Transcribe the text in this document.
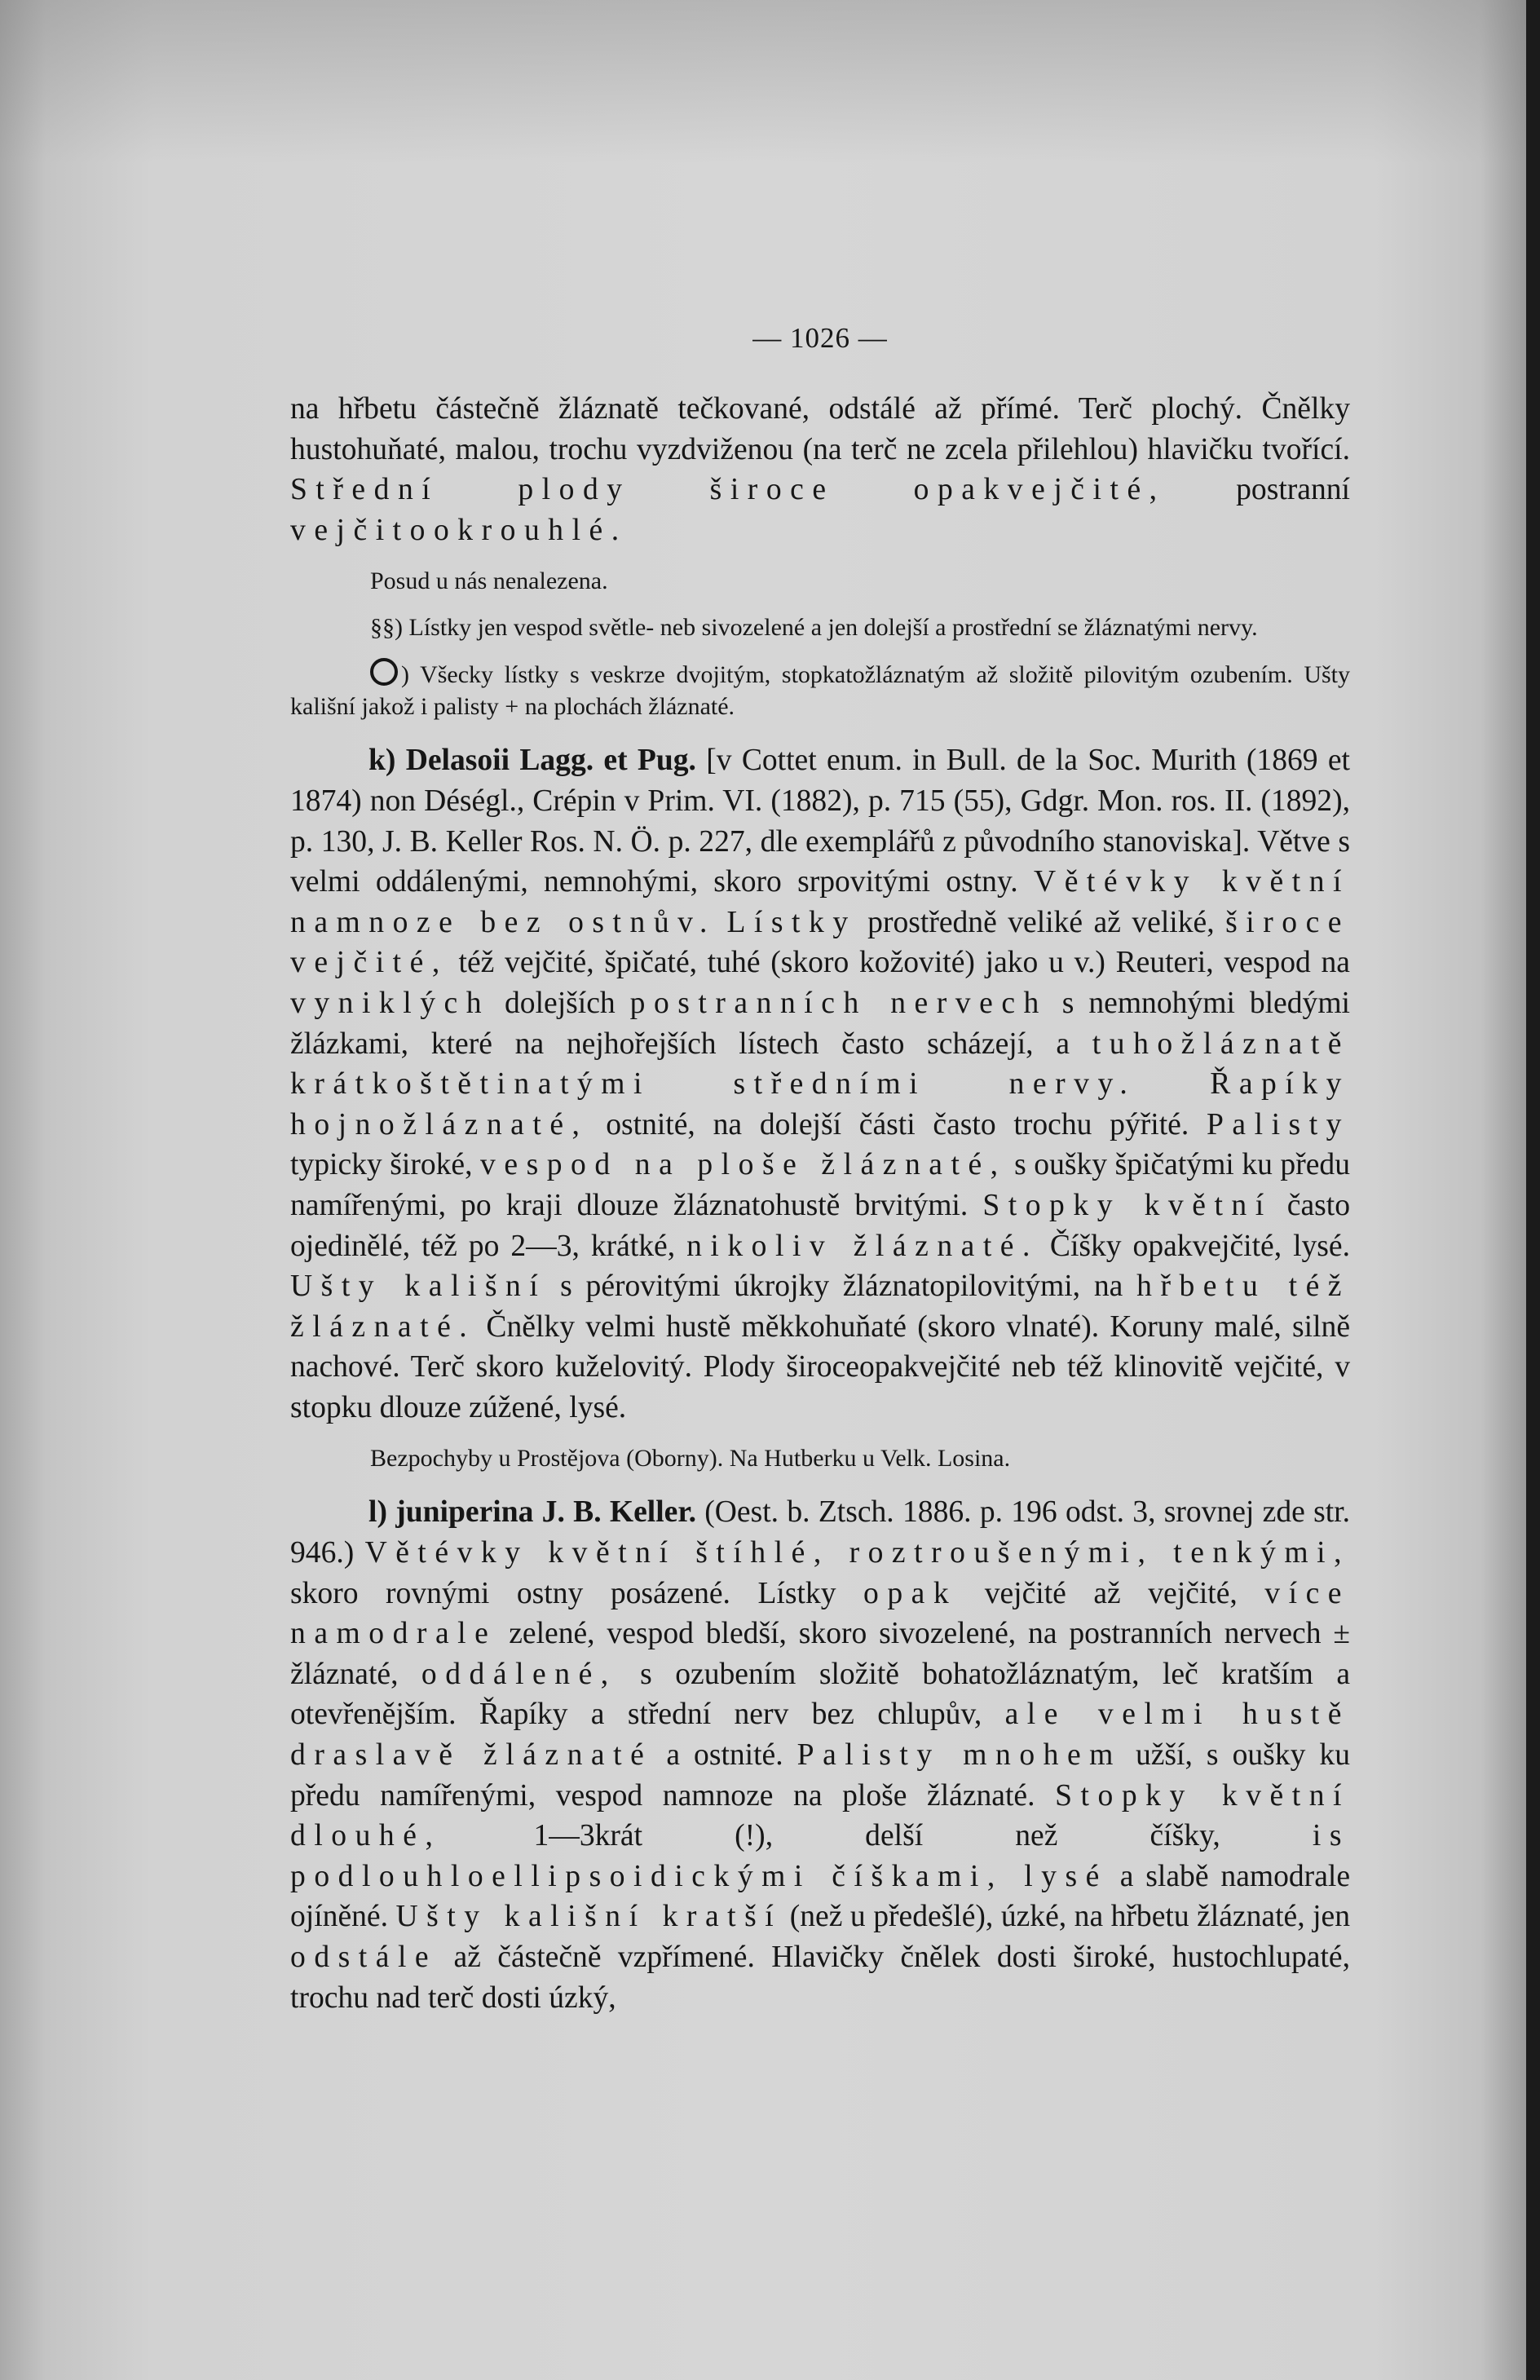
— 1026 —

na hřbetu částečně žláznatě tečkované, odstálé až přímé. Terč plochý. Čnělky hustohuňaté, malou, trochu vyzdviženou (na terč ne zcela přilehlou) hlavičku tvořící. Střední plody široce opakvejčité, postranní vejčitookrouhlé.

Posud u nás nenalezena.

§§) Lístky jen vespod světle- neb sivozelené a jen dolejší a prostřední se žláznatými nervy.

) Všecky lístky s veskrze dvojitým, stopkatožláznatým až složitě pilovitým ozubením. Ušty kališní jakož i palisty + na plochách žláznaté.

k) Delasoii Lagg. et Pug. [v Cottet enum. in Bull. de la Soc. Murith (1869 et 1874) non Déségl., Crépin v Prim. VI. (1882), p. 715 (55), Gdgr. Mon. ros. II. (1892), p. 130, J. B. Keller Ros. N. Ö. p. 227, dle exemplářů z původního stanoviska]. Větve s velmi oddálenými, nemnohými, skoro srpovitými ostny. Větévky květní namnoze bez ostnův. Lístky prostředně veliké až veliké, široce vejčité, též vejčité, špičaté, tuhé (skoro kožovité) jako u v.) Reuteri, vespod na vyniklých dolejších postranních nervech s nemnohými bledými žlázkami, které na nejhořejších lístech často scházejí, a tuhožláznatě krátkoštětinatými středními nervy. Řapíky hojnožláznaté, ostnité, na dolejší části často trochu pýřité. Palisty typicky široké, vespod na ploše žláznaté, s oušky špičatými ku předu namířenými, po kraji dlouze žláznatohustě brvitými. Stopky květní často ojedinělé, též po 2—3, krátké, nikoliv žláznaté. Číšky opakvejčité, lysé. Ušty kališní s pérovitými úkrojky žláznatopilovitými, na hřbetu též žláznaté. Čnělky velmi hustě měkkohuňaté (skoro vlnaté). Koruny malé, silně nachové. Terč skoro kuželovitý. Plody široceopakvejčité neb též klinovitě vejčité, v stopku dlouze zúžené, lysé.

Bezpochyby u Prostějova (Oborny). Na Hutberku u Velk. Losina.

l) juniperina J. B. Keller. (Oest. b. Ztsch. 1886. p. 196 odst. 3, srovnej zde str. 946.) Větévky květní štíhlé, roztroušenými, tenkými, skoro rovnými ostny posázené. Lístky opak vejčité až vejčité, více namodrale zelené, vespod bledší, skoro sivozelené, na postranních nervech ± žláznaté, oddálené, s ozubením složitě bohatožláznatým, leč kratším a otevřenějším. Řapíky a střední nerv bez chlupův, ale velmi hustě draslavě žláznaté a ostnité. Palisty mnohem užší, s oušky ku předu namířenými, vespod namnoze na ploše žláznaté. Stopky květní dlouhé, 1—3krát (!), delší než číšky, is podlouhloellipsoidickými číškami, lysé a slabě namodrale ojíněné. Ušty kališní kratší (než u předešlé), úzké, na hřbetu žláznaté, jen odstále až částečně vzpřímené. Hlavičky čnělek dosti široké, hustochlupaté, trochu nad terč dosti úzký,
